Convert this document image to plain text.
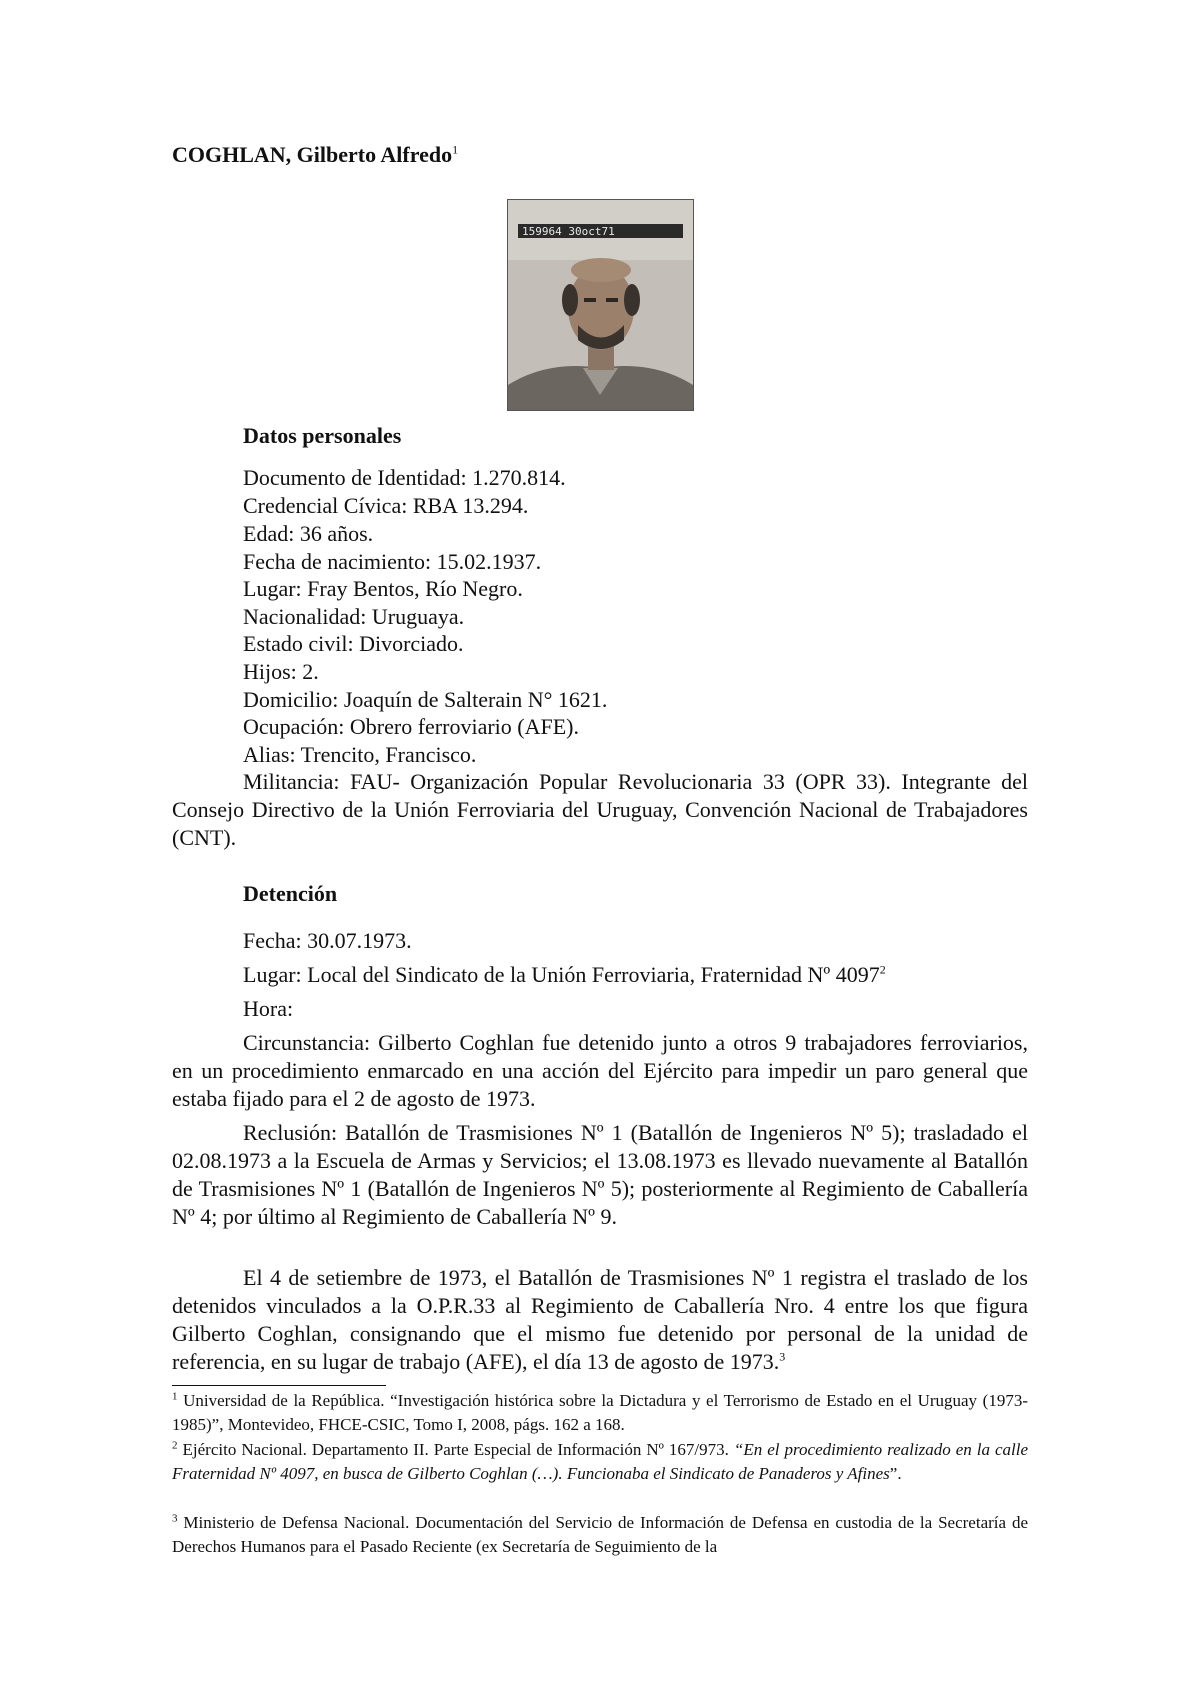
COGHLAN, Gilberto Alfredo$^1$
159964 30oct71
Datos personales
Documento de Identidad: 1.270.814.
Credencial Cívica: RBA 13.294.
Edad: 36 años.
Fecha de nacimiento: 15.02.1937.
Lugar: Fray Bentos, Río Negro.
Nacionalidad: Uruguaya.
Estado civil: Divorciado.
Hijos: 2.
Domicilio: Joaquín de Salterain N° 1621.
Ocupación: Obrero ferroviario (AFE).
Alias: Trencito, Francisco.
Militancia: FAU- Organización Popular Revolucionaria 33 (OPR 33). Integrante del Consejo Directivo de la Unión Ferroviaria del Uruguay, Convención Nacional de Trabajadores (CNT).
Detención
Fecha: 30.07.1973.
Lugar: Local del Sindicato de la Unión Ferroviaria, Fraternidad Nº 4097$^2$
Hora:
Circunstancia: Gilberto Coghlan fue detenido junto a otros 9 trabajadores ferroviarios, en un procedimiento enmarcado en una acción del Ejército para impedir un paro general que estaba fijado para el 2 de agosto de 1973.
Reclusión: Batallón de Trasmisiones Nº 1 (Batallón de Ingenieros Nº 5); trasladado el 02.08.1973 a la Escuela de Armas y Servicios; el 13.08.1973 es llevado nuevamente al Batallón de Trasmisiones Nº 1 (Batallón de Ingenieros Nº 5); posteriormente al Regimiento de Caballería Nº 4; por último al Regimiento de Caballería Nº 9.
El 4 de setiembre de 1973, el Batallón de Trasmisiones Nº 1 registra el traslado de los detenidos vinculados a la O.P.R.33 al Regimiento de Caballería Nro. 4 entre los que figura Gilberto Coghlan, consignando que el mismo fue detenido por personal de la unidad de referencia, en su lugar de trabajo (AFE), el día 13 de agosto de 1973.$^3$
$^1$ Universidad de la República. “Investigación histórica sobre la Dictadura y el Terrorismo de Estado en el Uruguay (1973-1985)”, Montevideo, FHCE-CSIC, Tomo I, 2008, págs. 162 a 168.
$^2$ Ejército Nacional. Departamento II. Parte Especial de Información Nº 167/973. “En el procedimiento realizado en la calle Fraternidad Nº 4097, en busca de Gilberto Coghlan (…). Funcionaba el Sindicato de Panaderos y Afines”.
$^3$ Ministerio de Defensa Nacional. Documentación del Servicio de Información de Defensa en custodia de la Secretaría de Derechos Humanos para el Pasado Reciente (ex Secretaría de Seguimiento de la
